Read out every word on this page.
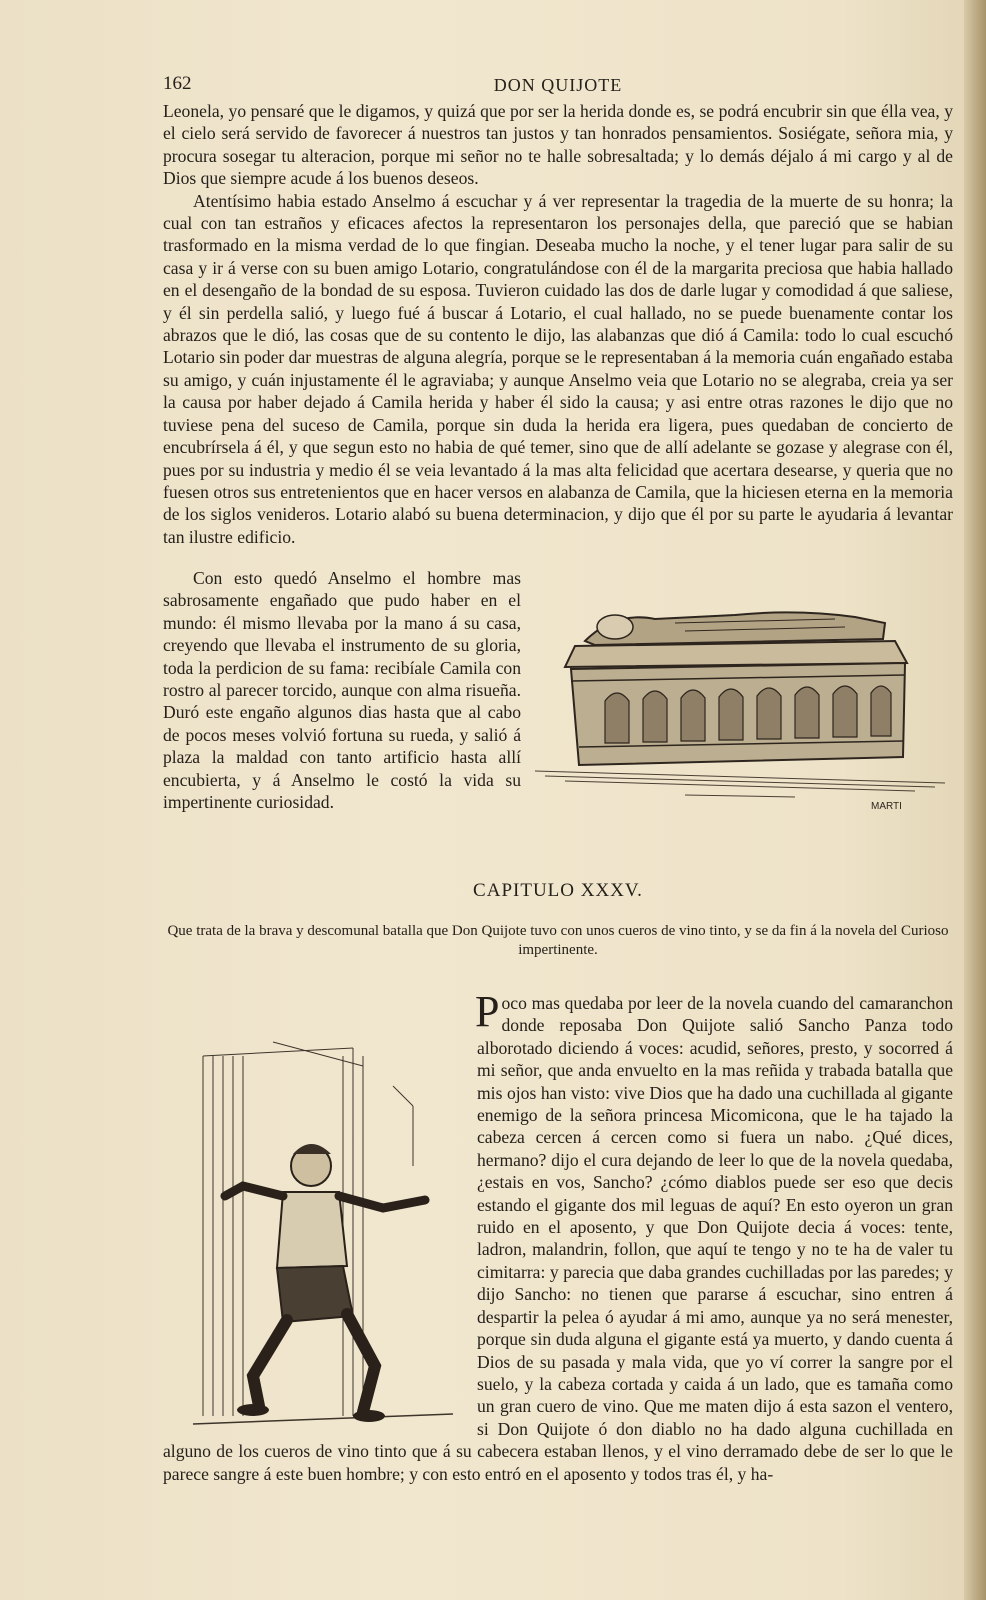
162	DON QUIJOTE

Leonela, yo pensaré que le digamos, y quizá que por ser la herida donde es, se podrá encubrir sin que élla vea, y el cielo será servido de favorecer á nuestros tan justos y tan honrados pensamientos. Sosiégate, señora mia, y procura sosegar tu alteracion, porque mi señor no te halle sobresaltada; y lo demás déjalo á mi cargo y al de Dios que siempre acude á los buenos deseos.

Atentísimo habia estado Anselmo á escuchar y á ver representar la tragedia de la muerte de su honra; la cual con tan estraños y eficaces afectos la representaron los personajes della, que pareció que se habian trasformado en la misma verdad de lo que fingian. Deseaba mucho la noche, y el tener lugar para salir de su casa y ir á verse con su buen amigo Lotario, congratulándose con él de la margarita preciosa que habia hallado en el desengaño de la bondad de su esposa. Tuvieron cuidado las dos de darle lugar y comodidad á que saliese, y él sin perdella salió, y luego fué á buscar á Lotario, el cual hallado, no se puede buenamente contar los abrazos que le dió, las cosas que de su contento le dijo, las alabanzas que dió á Camila: todo lo cual escuchó Lotario sin poder dar muestras de alguna alegría, porque se le representaban á la memoria cuán engañado estaba su amigo, y cuán injustamente él le agraviaba; y aunque Anselmo veia que Lotario no se alegraba, creia ya ser la causa por haber dejado á Camila herida y haber él sido la causa; y asi entre otras razones le dijo que no tuviese pena del suceso de Camila, porque sin duda la herida era ligera, pues quedaban de concierto de encubrírsela á él, y que segun esto no habia de qué temer, sino que de allí adelante se gozase y alegrase con él, pues por su industria y medio él se veia levantado á la mas alta felicidad que acertara desearse, y queria que no fuesen otros sus entretenientos que en hacer versos en alabanza de Camila, que la hiciesen eterna en la memoria de los siglos venideros. Lotario alabó su buena determinacion, y dijo que él por su parte le ayudaria á levantar tan ilustre edificio.

MARTI

Con esto quedó Anselmo el hombre mas sabrosamente engañado que pudo haber en el mundo: él mismo llevaba por la mano á su casa, creyendo que llevaba el instrumento de su gloria, toda la perdicion de su fama: recibíale Camila con rostro al parecer torcido, aunque con alma risueña. Duró este engaño algunos dias hasta que al cabo de pocos meses volvió fortuna su rueda, y salió á plaza la maldad con tanto artificio hasta allí encubierta, y á Anselmo le costó la vida su impertinente curiosidad.

CAPITULO XXXV.
Que trata de la brava y descomunal batalla que Don Quijote tuvo con unos cueros de vino tinto, y se da fin á la novela del Curioso impertinente.

Poco mas quedaba por leer de la novela cuando del camaranchon donde reposaba Don Quijote salió Sancho Panza todo alborotado diciendo á voces: acudid, señores, presto, y socorred á mi señor, que anda envuelto en la mas reñida y trabada batalla que mis ojos han visto: vive Dios que ha dado una cuchillada al gigante enemigo de la señora princesa Micomicona, que le ha tajado la cabeza cercen á cercen como si fuera un nabo. ¿Qué dices, hermano? dijo el cura dejando de leer lo que de la novela quedaba, ¿estais en vos, Sancho? ¿cómo diablos puede ser eso que decis estando el gigante dos mil leguas de aquí? En esto oyeron un gran ruido en el aposento, y que Don Quijote decia á voces: tente, ladron, malandrin, follon, que aquí te tengo y no te ha de valer tu cimitarra: y parecia que daba grandes cuchilladas por las paredes; y dijo Sancho: no tienen que pararse á escuchar, sino entren á despartir la pelea ó ayudar á mi amo, aunque ya no será menester, porque sin duda alguna el gigante está ya muerto, y dando cuenta á Dios de su pasada y mala vida, que yo ví correr la sangre por el suelo, y la cabeza cortada y caida á un lado, que es tamaña como un gran cuero de vino. Que me maten dijo á esta sazon el ventero, si Don Quijote ó don diablo no ha dado alguna cuchillada en alguno de los cueros de vino tinto que á su cabecera estaban llenos, y el vino derramado debe de ser lo que le parece sangre á este buen hombre; y con esto entró en el aposento y todos tras él, y ha-
